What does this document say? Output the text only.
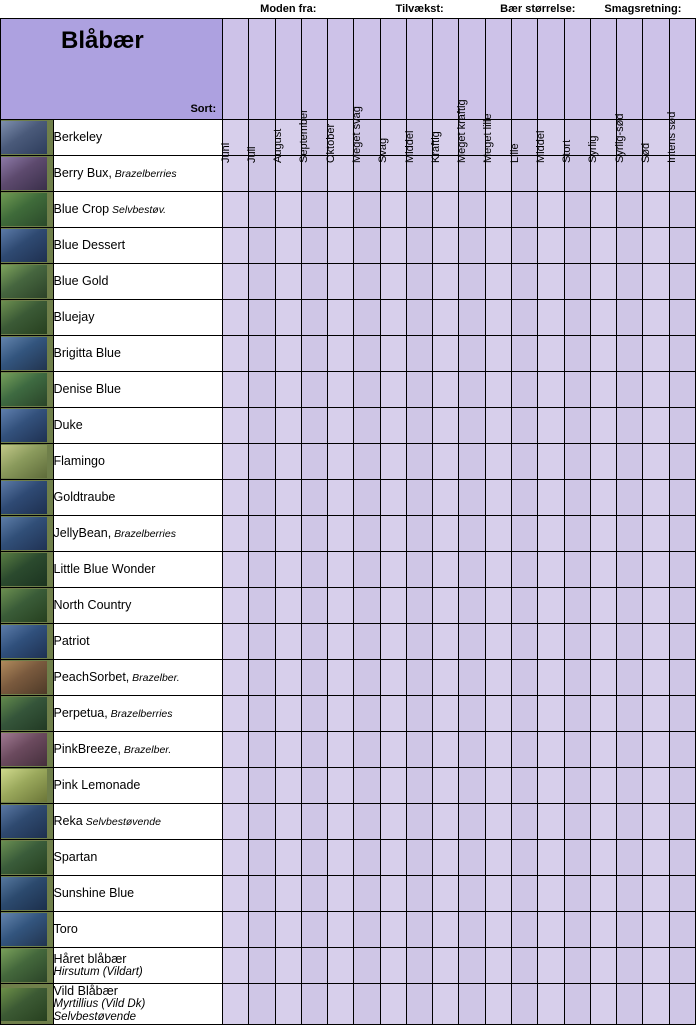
		Moden fra:					Tilvækst:					Bær størrelse:				Smagsretning:			

	Blåbær
Sort:	Juni	Juli	August	September	Oktober	Meget svag	Svag	Middel	Kraftig	Meget kraftig	Meget lille	Lille	Middel	Stort	Syrlig	Syrlig-sød	Sød	Intens sød

	Berkeley																		

	Berry Bux, Brazelberries																		

	Blue Crop Selvbestøv.																		

	Blue Dessert																		

	Blue Gold																		

	Bluejay																		

	Brigitta Blue																		

	Denise Blue																		

	Duke																		

	Flamingo																		

	Goldtraube																		

	JellyBean, Brazelberries																		

	Little Blue Wonder																		

	North Country																		

	Patriot																		

	PeachSorbet, Brazelber.																		

	Perpetua, Brazelberries																		

	PinkBreeze, Brazelber.																		

	Pink Lemonade																		

	Reka Selvbestøvende																		

	Spartan																		

	Sunshine Blue																		

	Toro																		

	Håret blåbær
Hirsutum (Vildart)																		

	Vild Blåbær
Myrtillius (Vild Dk) Selvbestøvende																		
